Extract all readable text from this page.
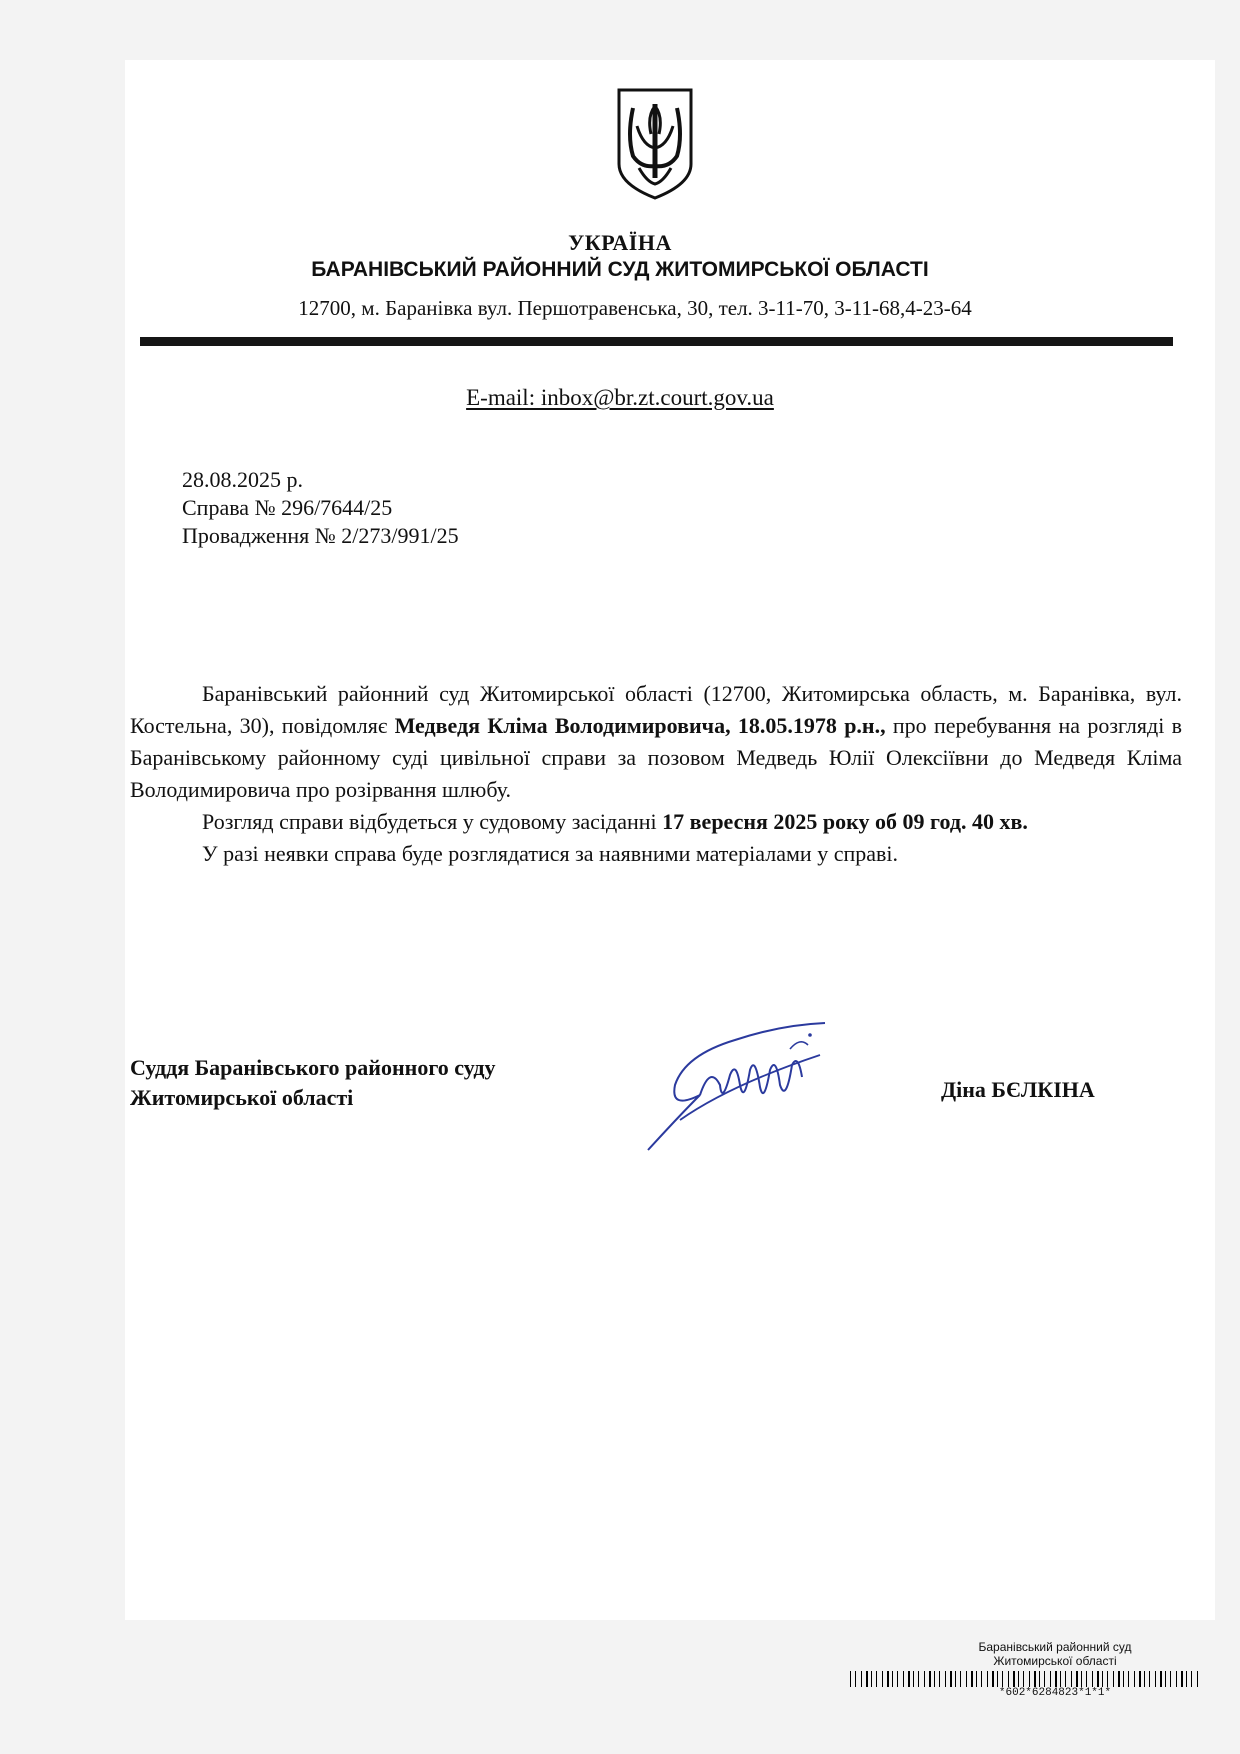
УКРАЇНА
БАРАНІВСЬКИЙ РАЙОННИЙ СУД ЖИТОМИРСЬКОЇ ОБЛАСТІ
12700, м. Баранівка вул. Першотравенська, 30, тел. 3-11-70, 3-11-68,4-23-64
E-mail: inbox@br.zt.court.gov.ua
28.08.2025 р.
Справа № 296/7644/25
Провадження № 2/273/991/25

Баранівський районний суд Житомирської області (12700, Житомирська область, м. Баранівка, вул. Костельна, 30), повідомляє Медведя Кліма Володимировича, 18.05.1978 р.н., про перебування на розгляді в Баранівському районному суді цивільної справи за позовом Медведь Юлії Олексіївни до Медведя Кліма Володимировича про розірвання шлюбу.

Розгляд справи відбудеться у судовому засіданні 17 вересня 2025 року об 09 год. 40 хв.

У разі неявки справа буде розглядатися за наявними матеріалами у справі.

Суддя Баранівського районного суду
Житомирської області	Діна БЄЛКІНА
Баранівський районний суд
Житомирської області
*602*6284823*1*1*
